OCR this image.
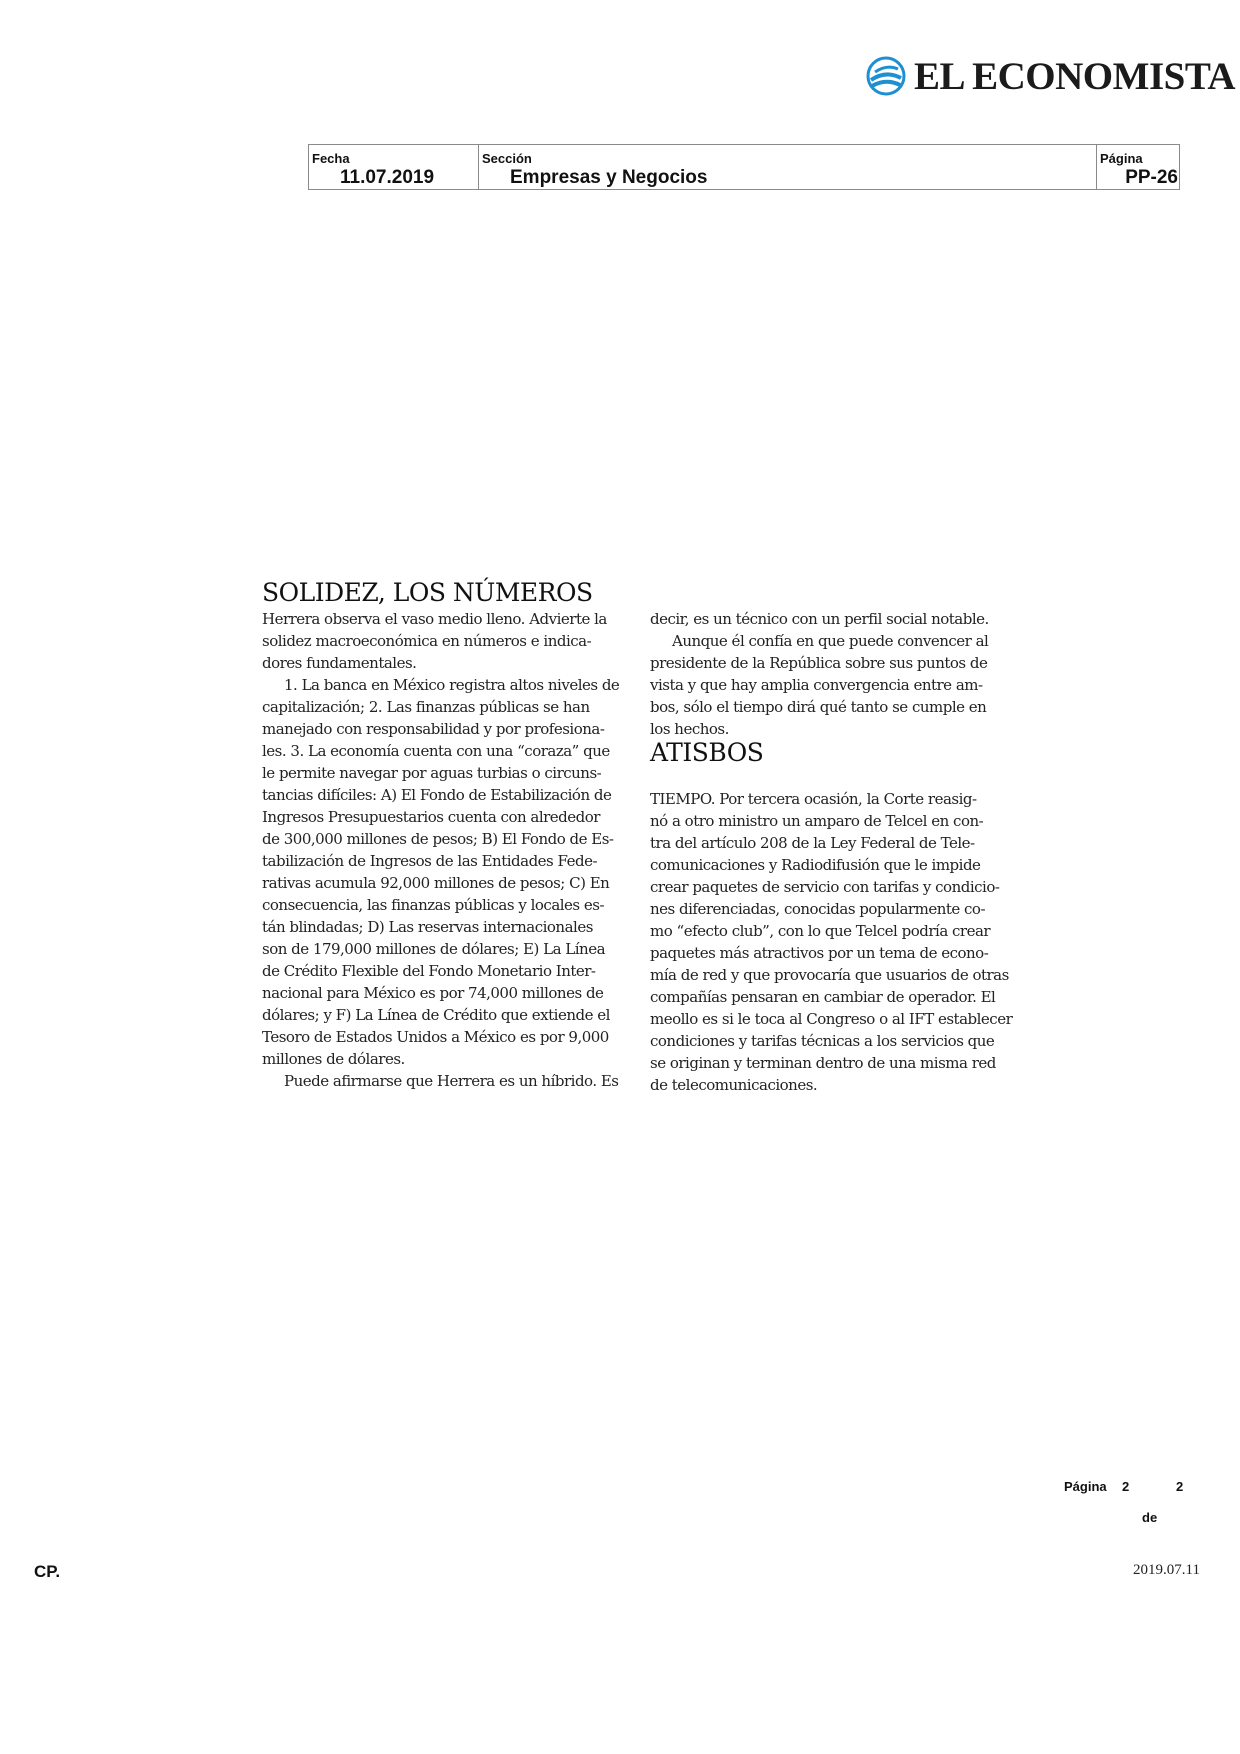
EL ECONOMISTA
Fecha
11.07.2019
Sección
Empresas y Negocios
Página
PP-26
SOLIDEZ, LOS NÚMEROS

Herrera observa el vaso medio lleno. Advierte la
solidez macroeconómica en números e indica-
dores fundamentales.

1. La banca en México registra altos niveles de
capitalización; 2. Las finanzas públicas se han
manejado con responsabilidad y por profesiona-
les. 3. La economía cuenta con una “coraza” que
le permite navegar por aguas turbias o circuns-
tancias difíciles: A) El Fondo de Estabilización de
Ingresos Presupuestarios cuenta con alrededor
de 300,000 millones de pesos; B) El Fondo de Es-
tabilización de Ingresos de las Entidades Fede-
rativas acumula 92,000 millones de pesos; C) En
consecuencia, las finanzas públicas y locales es-
tán blindadas; D) Las reservas internacionales
son de 179,000 millones de dólares; E) La Línea
de Crédito Flexible del Fondo Monetario Inter-
nacional para México es por 74,000 millones de
dólares; y F) La Línea de Crédito que extiende el
Tesoro de Estados Unidos a México es por 9,000
millones de dólares.

Puede afirmarse que Herrera es un híbrido. Es

decir, es un técnico con un perfil social notable.

Aunque él confía en que puede convencer al
presidente de la República sobre sus puntos de
vista y que hay amplia convergencia entre am-
bos, sólo el tiempo dirá qué tanto se cumple en
los hechos.

ATISBOS

TIEMPO. Por tercera ocasión, la Corte reasig-
nó a otro ministro un amparo de Telcel en con-
tra del artículo 208 de la Ley Federal de Tele-
comunicaciones y Radiodifusión que le impide
crear paquetes de servicio con tarifas y condicio-
nes diferenciadas, conocidas popularmente co-
mo “efecto club”, con lo que Telcel podría crear
paquetes más atractivos por un tema de econo-
mía de red y que provocaría que usuarios de otras
compañías pensaran en cambiar de operador. El
meollo es si le toca al Congreso o al IFT establecer
condiciones y tarifas técnicas a los servicios que
se originan y terminan dentro de una misma red
de telecomunicaciones.

Página 2	2
de
CP.	2019.07.11
